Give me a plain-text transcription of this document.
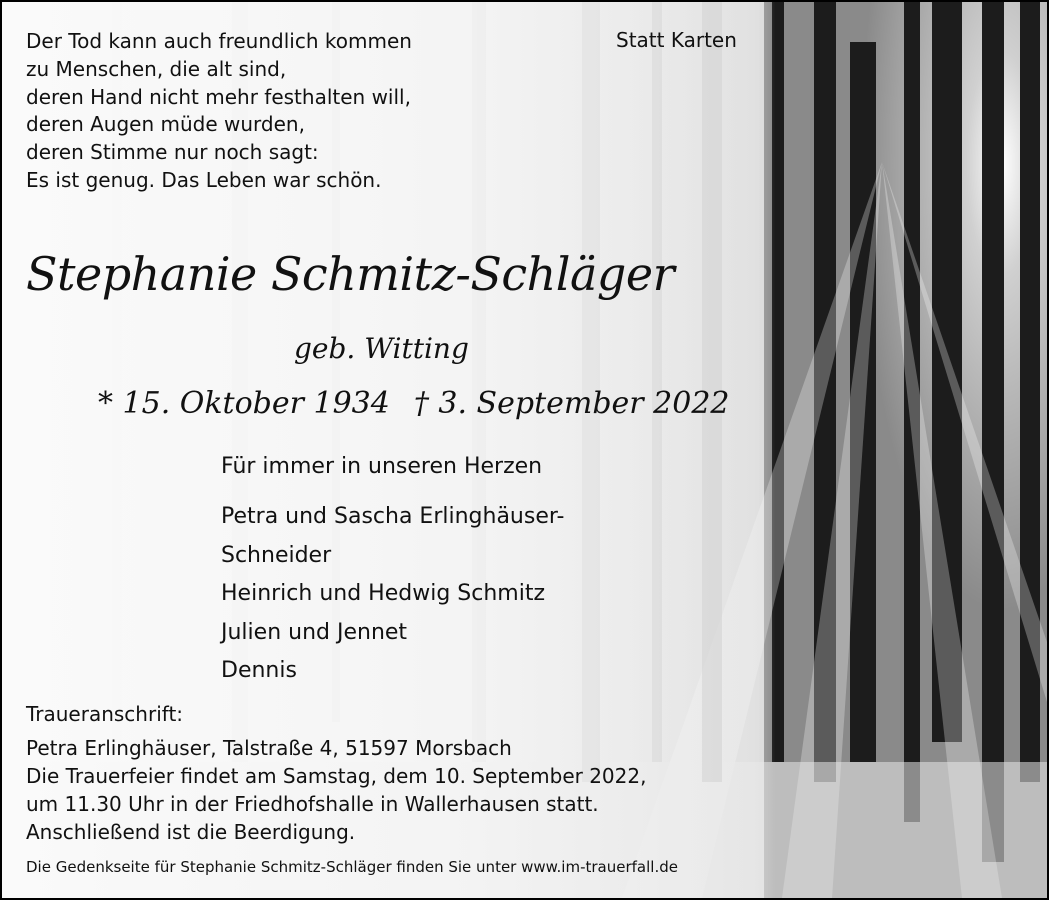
Der Tod kann auch freundlich kommen
zu Menschen, die alt sind,
deren Hand nicht mehr festhalten will,
deren Augen müde wurden,
deren Stimme nur noch sagt:
Es ist genug. Das Leben war schön.
Statt Karten
Stephanie Schmitz-Schläger
geb. Witting
* 15. Oktober 1934 † 3. September 2022
Für immer in unseren Herzen
Petra und Sascha Erlinghäuser-
Schneider
Heinrich und Hedwig Schmitz
Julien und Jennet
Dennis
Traueranschrift:
Petra Erlinghäuser, Talstraße 4, 51597 Morsbach
Die Trauerfeier findet am Samstag, dem 10. September 2022,
um 11.30 Uhr in der Friedhofshalle in Wallerhausen statt.
Anschließend ist die Beerdigung.
Die Gedenkseite für Stephanie Schmitz-Schläger finden Sie unter www.im-trauerfall.de
